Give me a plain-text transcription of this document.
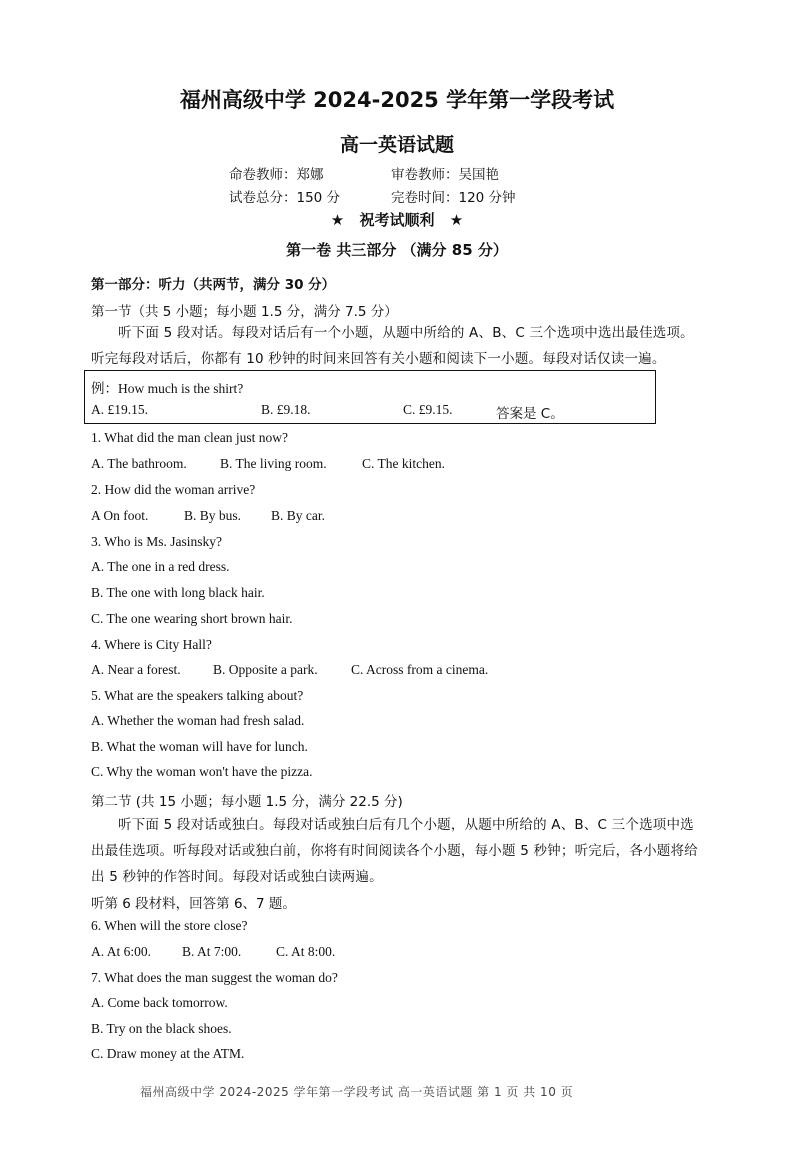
福州高级中学 2024-2025 学年第一学段考试
高一英语试题
命卷教师：郑娜	审卷教师：吴国艳
试卷总分：150 分	完卷时间：120 分钟
★ 祝考试顺利 ★
第一卷 共三部分 （满分 85 分）
第一部分：听力（共两节，满分 30 分）
第一节（共 5 小题；每小题 1.5 分，满分 7.5 分）
听下面 5 段对话。每段对话后有一个小题，从题中所给的 A、B、C 三个选项中选出最佳选项。听完每段对话后，你都有 10 秒钟的时间来回答有关小题和阅读下一小题。每段对话仅读一遍。
例：How much is the shirt?
A. £19.15.	B. £9.18.	C. £9.15.	答案是 C。
1. What did the man clean just now?
A. The bathroom. B. The living room.	C. The kitchen.
2. How did the woman arrive?
A On foot.	B. By bus. B. By car.
3. Who is Ms. Jasinsky?
A. The one in a red dress.
B. The one with long black hair.
C. The one wearing short brown hair.
4. Where is City Hall?
A. Near a forest. B. Opposite a park. C. Across from a cinema.
5. What are the speakers talking about?
A. Whether the woman had fresh salad.
B. What the woman will have for lunch.
C. Why the woman won't have the pizza.
第二节 (共 15 小题；每小题 1.5 分，满分 22.5 分)
听下面 5 段对话或独白。每段对话或独白后有几个小题，从题中所给的 A、B、C 三个选项中选出最佳选项。听每段对话或独白前，你将有时间阅读各个小题，每小题 5 秒钟；听完后，各小题将给出 5 秒钟的作答时间。每段对话或独白读两遍。
听第 6 段材料，回答第 6、7 题。
6. When will the store close?
A. At 6:00. B. At 7:00.	C. At 8:00.
7. What does the man suggest the woman do?
A. Come back tomorrow.
B. Try on the black shoes.
C. Draw money at the ATM.
福州高级中学 2024-2025 学年第一学段考试 高一英语试题 第 1 页 共 10 页
